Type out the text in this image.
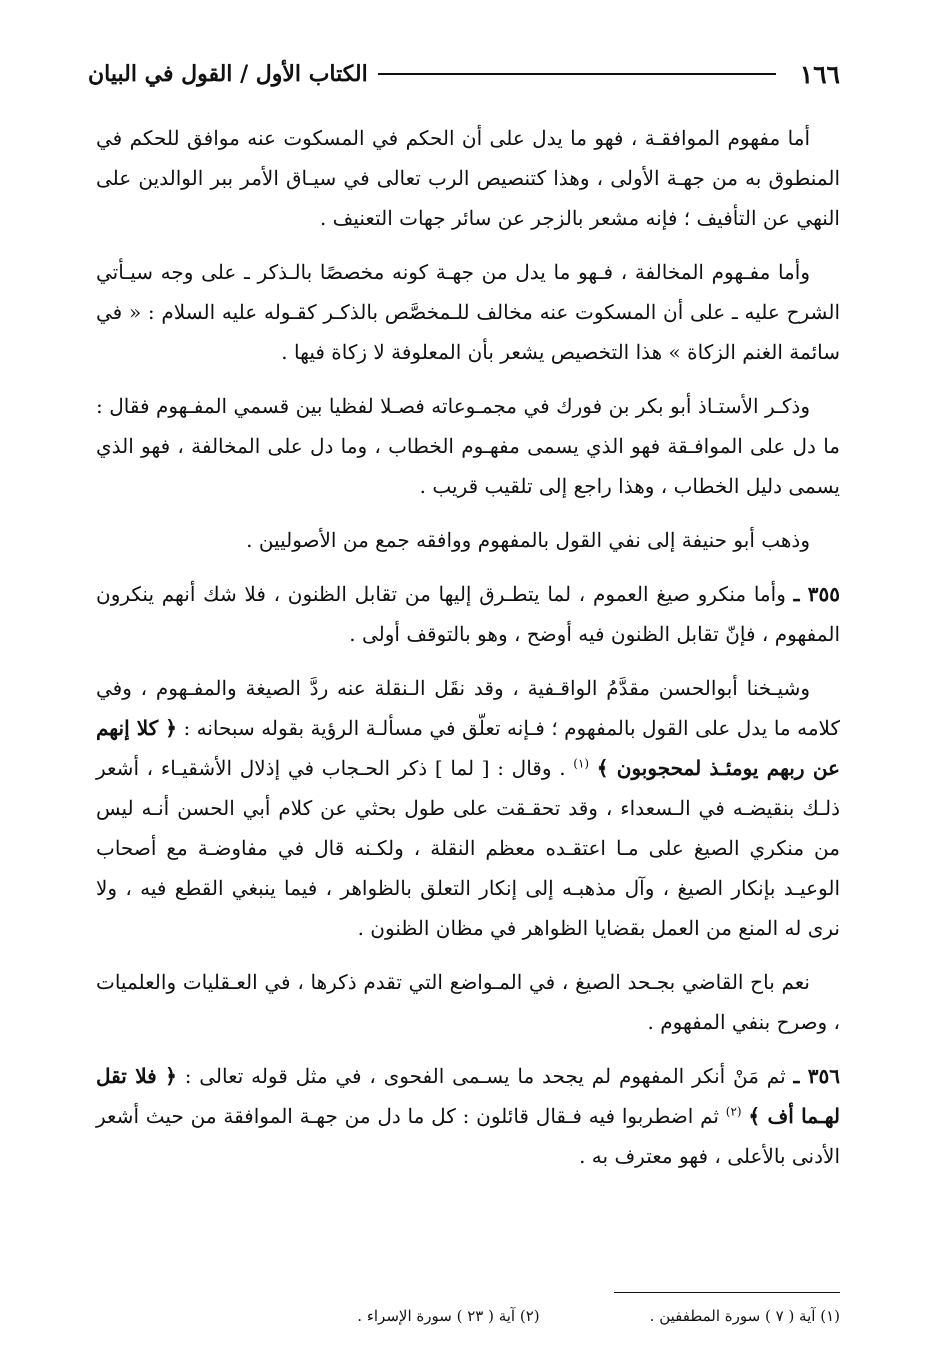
١٦٦
الكتاب الأول / القول في البيان

أما مفهوم الموافقـة ، فهو ما يدل على أن الحكم في المسكوت عنه موافق للحكم في المنطوق به من جهـة الأولى ، وهذا كتنصيص الرب تعالى في سيـاق الأمر ببر الوالدين على النهي عن التأفيف ؛ فإنه مشعر بالزجر عن سائر جهات التعنيف .

وأما مفـهوم المخالفة ، فـهو ما يدل من جهـة كونه مخصصًا بالـذكر ـ على وجه سيـأتي الشرح عليه ـ على أن المسكوت عنه مخالف للـمخصَّص بالذكـر كقـوله عليه السلام : « في سائمة الغنم الزكاة » هذا التخصيص يشعر بأن المعلوفة لا زكاة فيها .

وذكـر الأستـاذ أبو بكر بن فورك في مجمـوعاته فصـلا لفظيا بين قسمي المفـهوم فقال : ما دل على الموافـقة فهو الذي يسمى مفهـوم الخطاب ، وما دل على المخالفة ، فهو الذي يسمى دليل الخطاب ، وهذا راجع إلى تلقيب قريب .

وذهب أبو حنيفة إلى نفي القول بالمفهوم ووافقه جمع من الأصوليين .

٣٥٥ ـ وأما منكرو صيغ العموم ، لما يتطـرق إليها من تقابل الظنون ، فلا شك أنهم ينكرون المفهوم ، فإنّ تقابل الظنون فيه أوضح ، وهو بالتوقف أولى .

وشيـخنا أبوالحسن مقدَّمُ الواقـفية ، وقد نقَل الـنقلة عنه ردَّ الصيغة والمفـهوم ، وفي كلامه ما يدل على القول بالمفهوم ؛ فـإنه تعلّق في مسألـة الرؤية بقوله سبحانه : ﴿ كلا إنهم عن ربهم يومئـذ لمحجوبون ﴾ $^{(١)}$ . وقال : [ لما ] ذكر الحـجاب في إذلال الأشقيـاء ، أشعر ذلـك بنقيضـه في الـسعداء ، وقد تحقـقت على طول بحثي عن كلام أبي الحسن أنـه ليس من منكري الصيغ على مـا اعتقـده معظم النقلة ، ولكـنه قال في مفاوضـة مع أصحاب الوعيـد بإنكار الصيغ ، وآل مذهبـه إلى إنكار التعلق بالظواهر ، فيما ينبغي القطع فيه ، ولا نرى له المنع من العمل بقضايا الظواهر في مظان الظنون .

نعم باح القاضي بجـحد الصيغ ، في المـواضع التي تقدم ذكرها ، في العـقليات والعلميات ، وصرح بنفي المفهوم .

٣٥٦ ـ ثم مَنْ أنكر المفهوم لم يجحد ما يسـمى الفحوى ، في مثل قوله تعالى : ﴿ فلا تقل لهـما أف ﴾ $^{(٢)}$ ثم اضطربوا فيه فـقال قائلون : كل ما دل من جهـة الموافقة من حيث أشعر الأدنى بالأعلى ، فهو معترف به .

(١) آية ( ٧ ) سورة المطففين .
(٢) آية ( ٢٣ ) سورة الإسراء .
